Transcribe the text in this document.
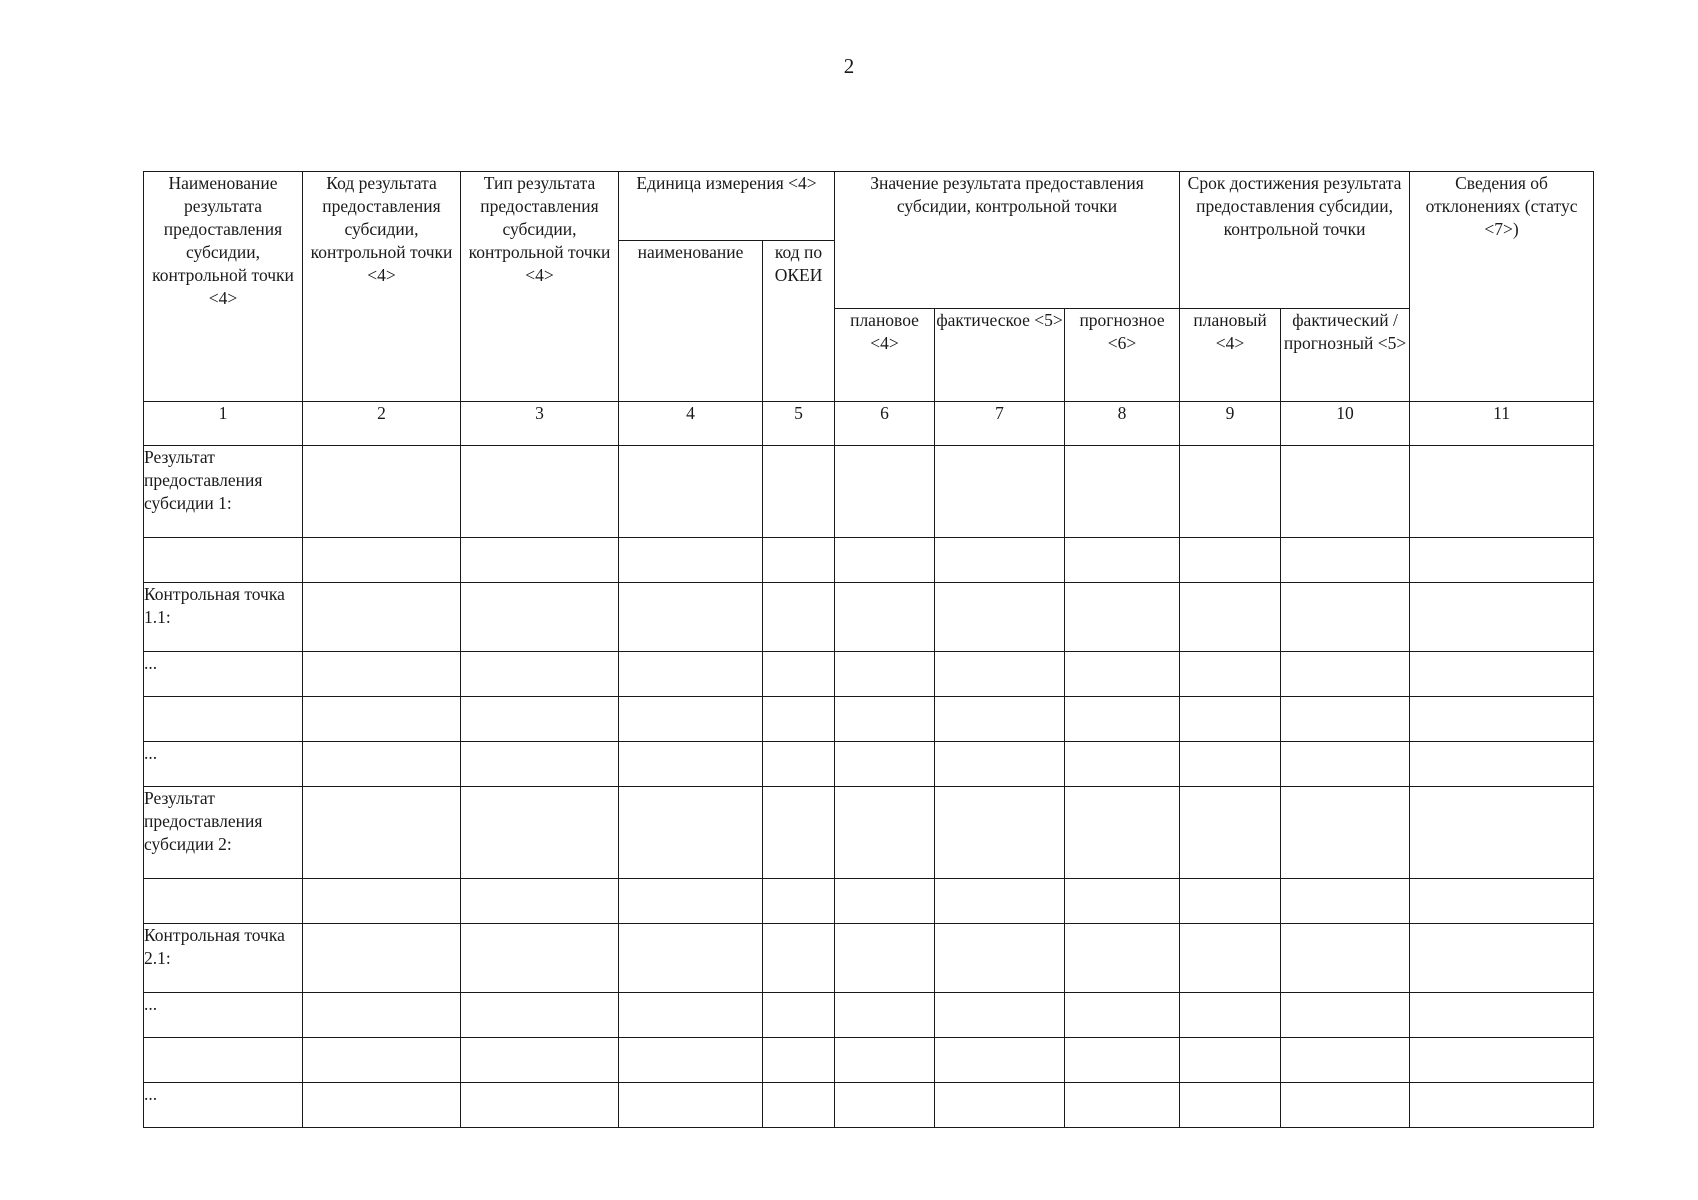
2
Наименование результата предоставления субсидии, контрольной точки <4>	Код результата предоставления субсидии, контрольной точки <4>	Тип результата предоставления субсидии, контрольной точки <4>	Единица измерения <4>		Значение результата предоставления субсидии, контрольной точки			Срок достижения результата предоставления субсидии, контрольной точки		Сведения об отклонениях (статус <7>)
			наименование	код по ОКЕИ						
					плановое <4>	фактическое <5>	прогнозное <6>	плановый <4>	фактический /прогнозный <5>	
1	2	3	4	5	6	7	8	9	10	11
Результат предоставления субсидии 1:										

Контрольная точка 1.1:										
...										

...										
Результат предоставления субсидии 2:										

Контрольная точка 2.1:										
...										

...										
